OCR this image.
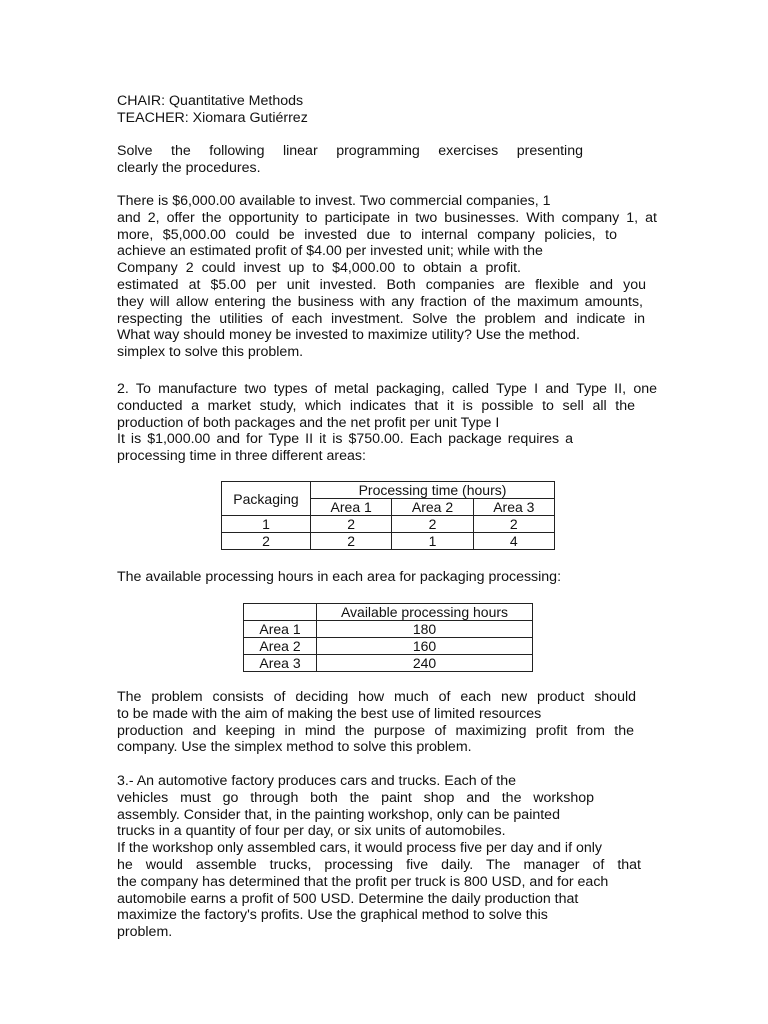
CHAIR: Quantitative Methods
TEACHER: Xiomara Gutiérrez
Solve the following linear programming exercises presenting
clearly the procedures.
There is $6,000.00 available to invest. Two commercial companies, 1
and 2, offer the opportunity to participate in two businesses. With company 1, at
more, $5,000.00 could be invested due to internal company policies, to
achieve an estimated profit of $4.00 per invested unit; while with the
Company 2 could invest up to $4,000.00 to obtain a profit.
estimated at $5.00 per unit invested. Both companies are flexible and you
they will allow entering the business with any fraction of the maximum amounts,
respecting the utilities of each investment. Solve the problem and indicate in
What way should money be invested to maximize utility? Use the method.
simplex to solve this problem.
2. To manufacture two types of metal packaging, called Type I and Type II, one
conducted a market study, which indicates that it is possible to sell all the
production of both packages and the net profit per unit Type I
It is $1,000.00 and for Type II it is $750.00. Each package requires a
processing time in three different areas:
Packaging	Processing time (hours)		
	Area 1	Area 2	Area 3
1	2	2	2
2	2	1	4
The available processing hours in each area for packaging processing:
	Available processing hours
Area 1	180
Area 2	160
Area 3	240
The problem consists of deciding how much of each new product should
to be made with the aim of making the best use of limited resources
production and keeping in mind the purpose of maximizing profit from the
company. Use the simplex method to solve this problem.
3.- An automotive factory produces cars and trucks. Each of the
vehicles must go through both the paint shop and the workshop
assembly. Consider that, in the painting workshop, only can be painted
trucks in a quantity of four per day, or six units of automobiles.
If the workshop only assembled cars, it would process five per day and if only
he would assemble trucks, processing five daily. The manager of that
the company has determined that the profit per truck is 800 USD, and for each
automobile earns a profit of 500 USD. Determine the daily production that
maximize the factory's profits. Use the graphical method to solve this
problem.
